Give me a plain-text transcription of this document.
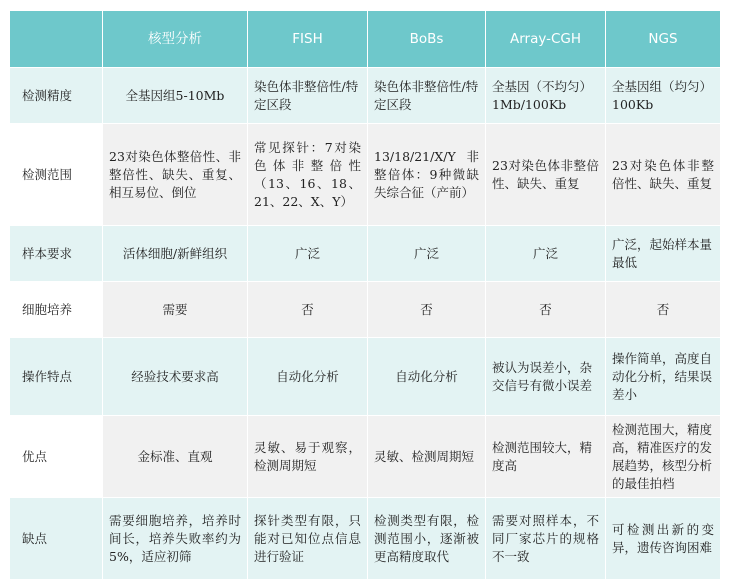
	核型分析	FISH	BoBs	Array-CGH	NGS
检测精度	全基因组5-10Mb	染色体非整倍性/特定区段	染色体非整倍性/特定区段	全基因（不均匀）1Mb/100Kb	全基因组（均匀）100Kb
检测范围	23对染色体整倍性、非整倍性、缺失、重复、相互易位、倒位	常见探针：7对染色体非整倍性（13、16、18、21、22、X、Y）	13/18/21/X/Y非整倍体：9种微缺失综合征（产前）	23对染色体非整倍性、缺失、重复	23对染色体非整倍性、缺失、重复
样本要求	活体细胞/新鲜组织	广泛	广泛	广泛	广泛，起始样本量最低
细胞培养	需要	否	否	否	否
操作特点	经验技术要求高	自动化分析	自动化分析	被认为误差小，杂交信号有微小误差	操作简单，高度自动化分析，结果误差小
优点	金标准、直观	灵敏、易于观察，检测周期短	灵敏、检测周期短	检测范围较大，精度高	检测范围大，精度高，精准医疗的发展趋势，核型分析的最佳拍档
缺点	需要细胞培养，培养时间长，培养失败率约为5%，适应初筛	探针类型有限，只能对已知位点信息进行验证	检测类型有限，检测范围小，逐渐被更高精度取代	需要对照样本，不同厂家芯片的规格不一致	可检测出新的变异，遗传咨询困难
